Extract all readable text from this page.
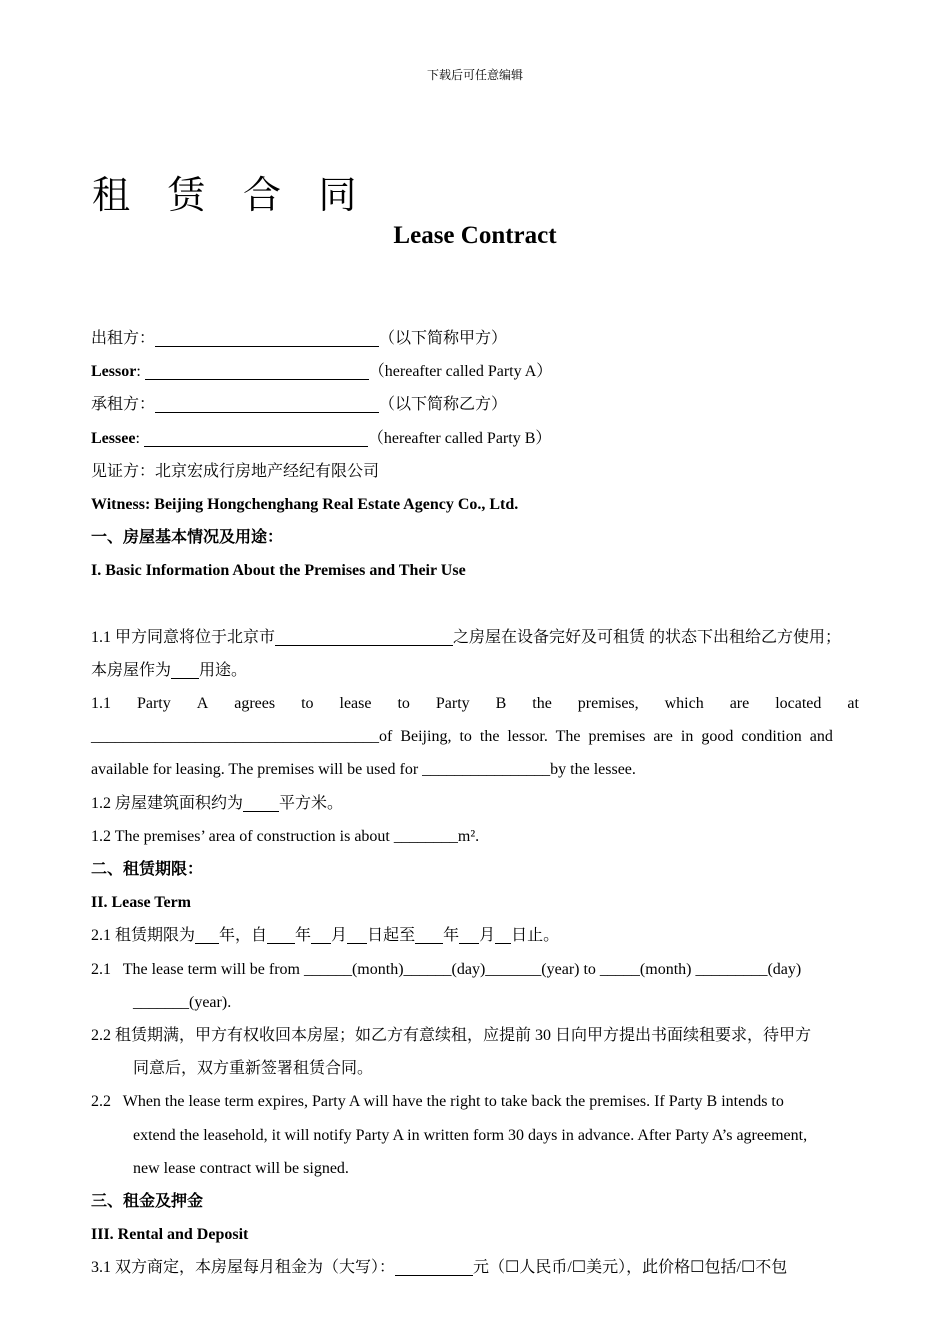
下载后可任意编辑
租 赁 合 同
Lease Contract
出租方：	（以下简称甲方）
Lessor:	（hereafter called Party A）
承租方：	（以下简称乙方）
Lessee:	（hereafter called Party B）
见证方：北京宏成行房地产经纪有限公司
Witness: Beijing Hongchenghang Real Estate Agency Co., Ltd.
一、房屋基本情况及用途：
I. Basic Information About the Premises and Their Use
1.1 甲方同意将位于北京市	之房屋在设备完好及可租赁 的状态下出租给乙方使用；
本房屋作为 用途。
1.1 Party A agrees to lease to Party B the premises, which are located at
____________________________________of  Beijing,  to  the  lessor.  The  premises  are  in  good  condition  and
available for leasing. The premises will be used for ________________by the lessee.
1.2 房屋建筑面积约为 平方米。
1.2 The premises’ area of construction is about ________m².
二、租赁期限：
II. Lease Term
2.1 租赁期限为 年，自 年 月 日起至 年 月 日止。
2.1   The lease term will be from ______(month)______(day)_______(year) to _____(month) _________(day)
_______(year).
2.2 租赁期满，甲方有权收回本房屋；如乙方有意续租，应提前 30 日向甲方提出书面续租要求，待甲方
同意后，双方重新签署租赁合同。
2.2   When the lease term expires, Party A will have the right to take back the premises. If Party B intends to
extend the leasehold, it will notify Party A in written form 30 days in advance. After Party A’s agreement,
new lease contract will be signed.
三、租金及押金
III. Rental and Deposit
3.1 双方商定，本房屋每月租金为（大写）：	元（☐人民币/☐美元），此价格☐包括/☐不包
